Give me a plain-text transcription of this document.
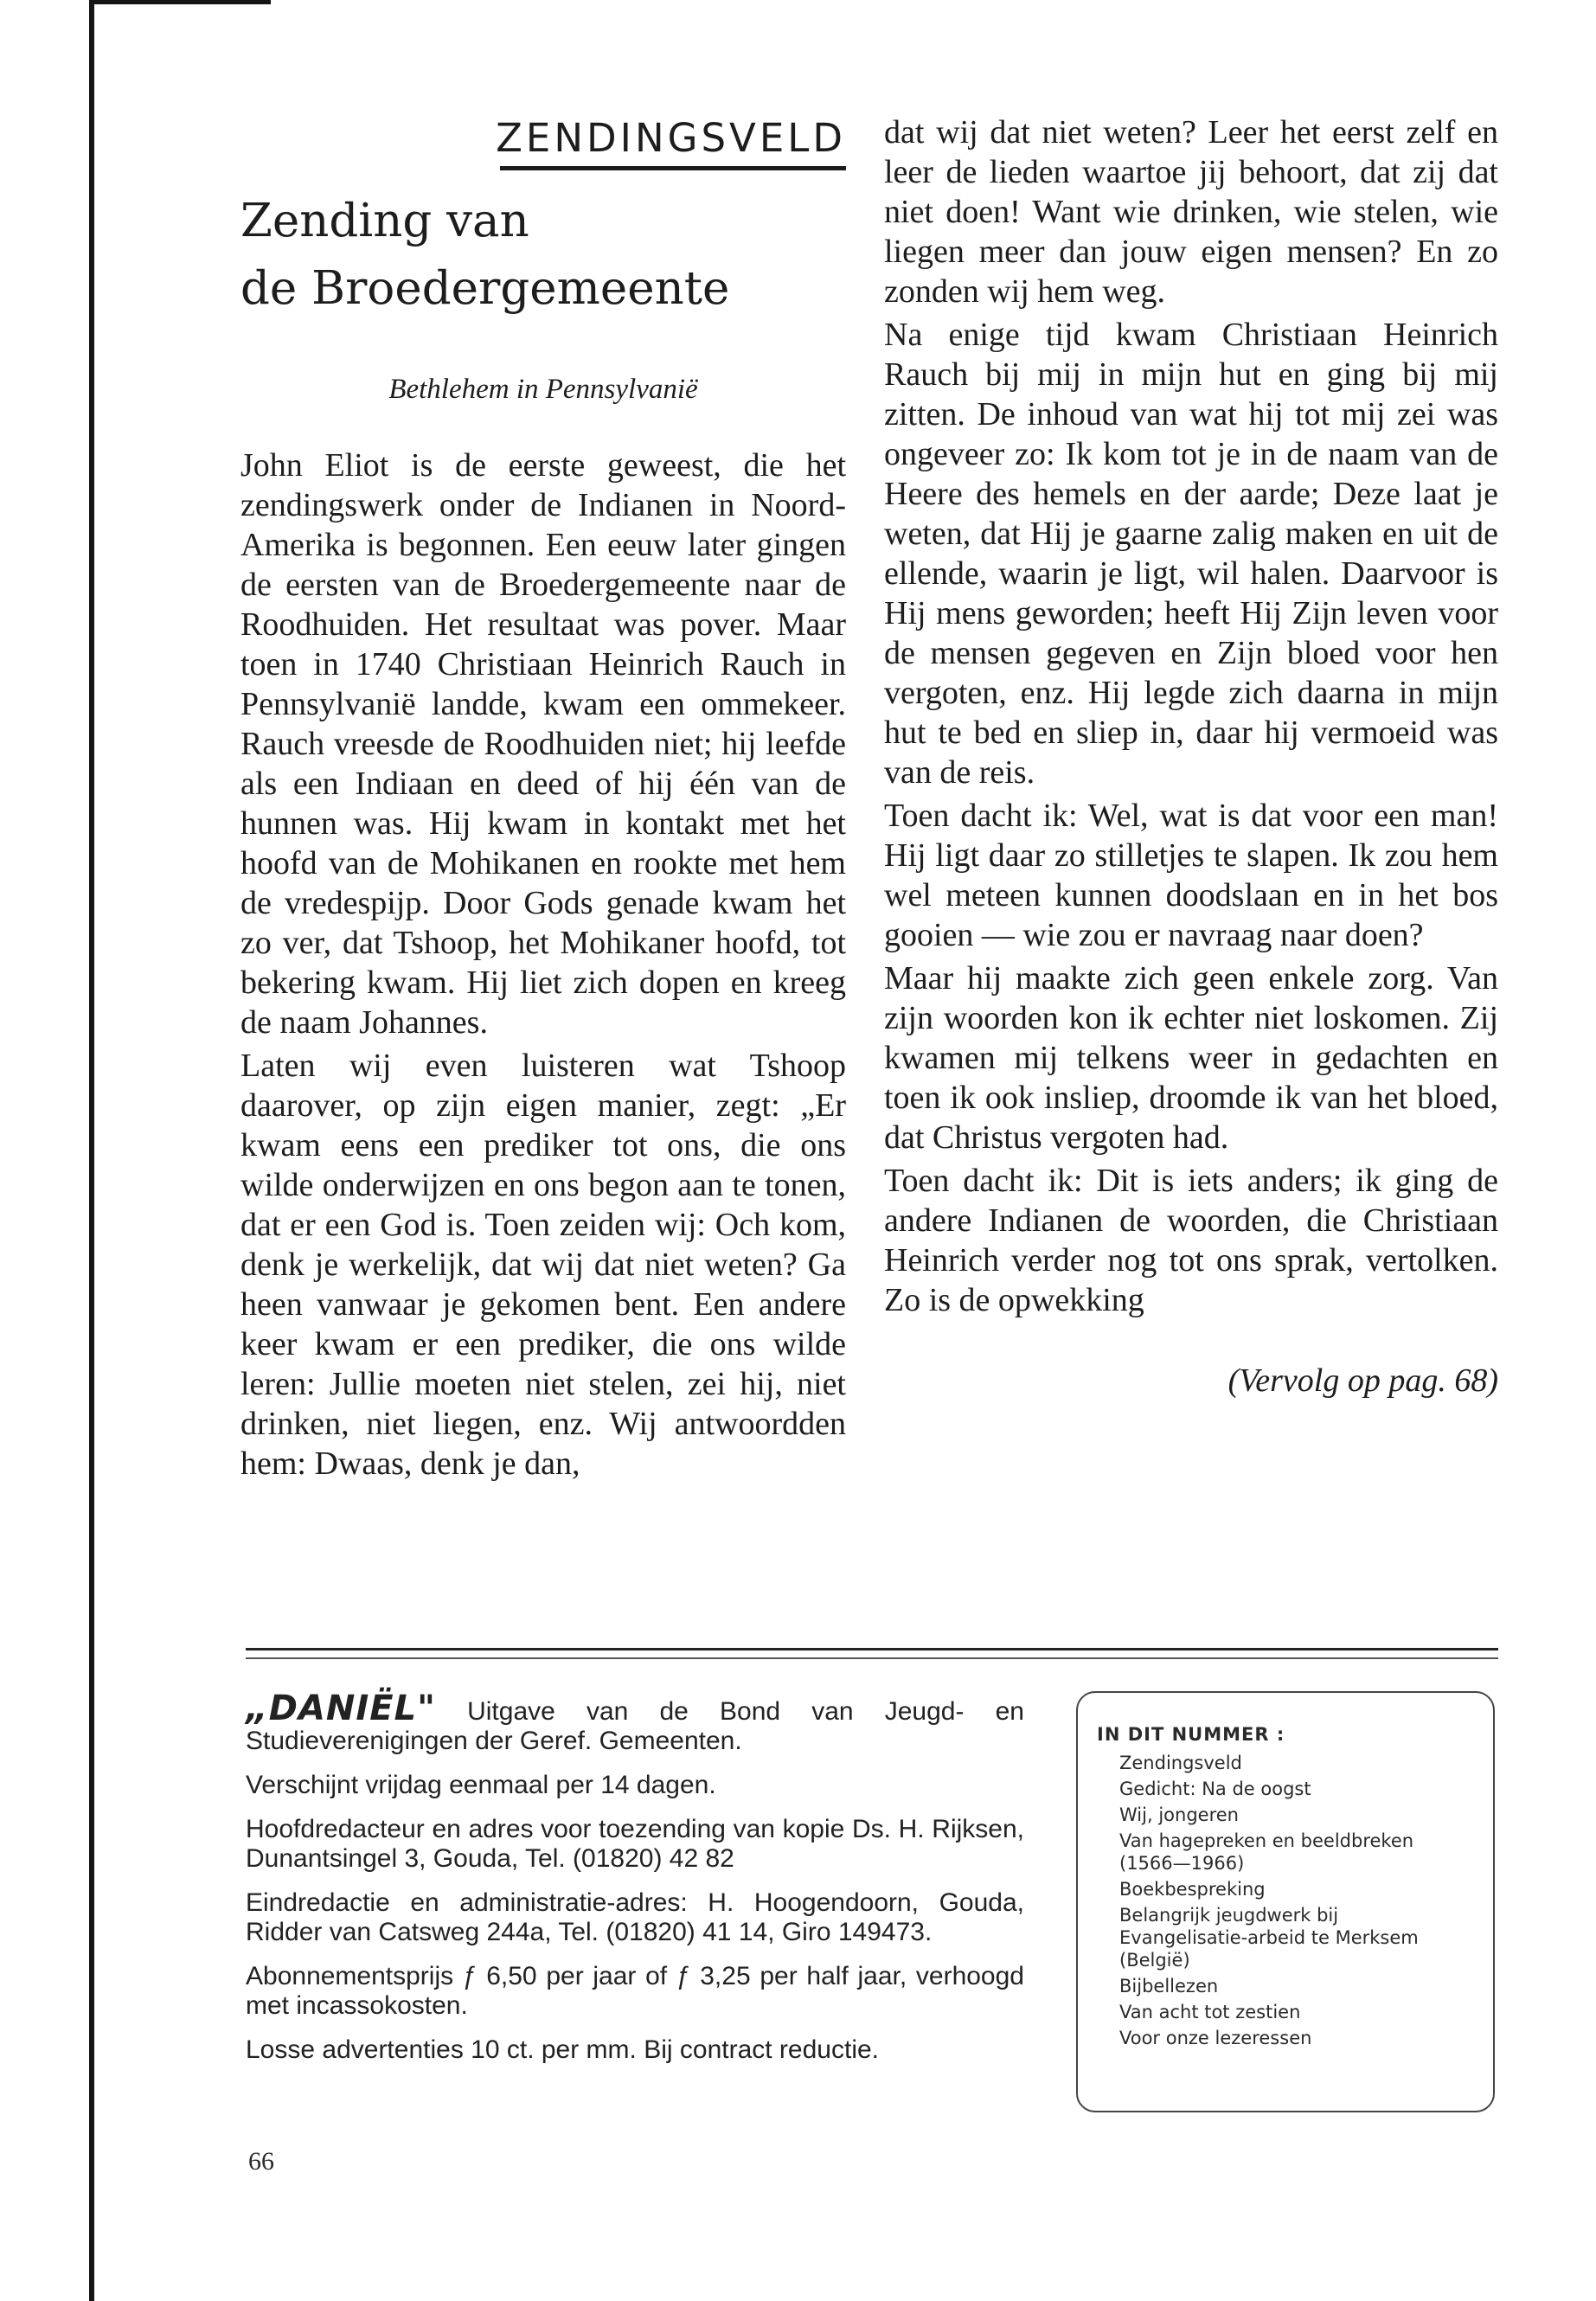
ZENDINGSVELD
Zending van
de Broedergemeente
Bethlehem in Pennsylvanië

John Eliot is de eerste geweest, die het zendingswerk onder de Indianen in Noord-Amerika is begonnen. Een eeuw later gingen de eersten van de Broedergemeente naar de Roodhuiden. Het resultaat was pover. Maar toen in 1740 Christiaan Heinrich Rauch in Pennsylvanië landde, kwam een ommekeer. Rauch vreesde de Roodhuiden niet; hij leefde als een Indiaan en deed of hij één van de hunnen was. Hij kwam in kontakt met het hoofd van de Mohikanen en rookte met hem de vredespijp. Door Gods genade kwam het zo ver, dat Tshoop, het Mohikaner hoofd, tot bekering kwam. Hij liet zich dopen en kreeg de naam Johannes.

Laten wij even luisteren wat Tshoop daarover, op zijn eigen manier, zegt: „Er kwam eens een prediker tot ons, die ons wilde onderwijzen en ons begon aan te tonen, dat er een God is. Toen zeiden wij: Och kom, denk je werkelijk, dat wij dat niet weten? Ga heen vanwaar je gekomen bent. Een andere keer kwam er een prediker, die ons wilde leren: Jullie moeten niet stelen, zei hij, niet drinken, niet liegen, enz. Wij antwoordden hem: Dwaas, denk je dan,

dat wij dat niet weten? Leer het eerst zelf en leer de lieden waartoe jij behoort, dat zij dat niet doen! Want wie drinken, wie stelen, wie liegen meer dan jouw eigen mensen? En zo zonden wij hem weg.

Na enige tijd kwam Christiaan Heinrich Rauch bij mij in mijn hut en ging bij mij zitten. De inhoud van wat hij tot mij zei was ongeveer zo: Ik kom tot je in de naam van de Heere des hemels en der aarde; Deze laat je weten, dat Hij je gaarne zalig maken en uit de ellende, waarin je ligt, wil halen. Daarvoor is Hij mens geworden; heeft Hij Zijn leven voor de mensen gegeven en Zijn bloed voor hen vergoten, enz. Hij legde zich daarna in mijn hut te bed en sliep in, daar hij vermoeid was van de reis.

Toen dacht ik: Wel, wat is dat voor een man! Hij ligt daar zo stilletjes te slapen. Ik zou hem wel meteen kunnen doodslaan en in het bos gooien — wie zou er navraag naar doen?

Maar hij maakte zich geen enkele zorg. Van zijn woorden kon ik echter niet loskomen. Zij kwamen mij telkens weer in gedachten en toen ik ook insliep, droomde ik van het bloed, dat Christus vergoten had.

Toen dacht ik: Dit is iets anders; ik ging de andere Indianen de woorden, die Christiaan Heinrich verder nog tot ons sprak, vertolken. Zo is de opwekking

(Vervolg op pag. 68)

„DANIËL" Uitgave van de Bond van Jeugd- en Studieverenigingen der Geref. Gemeenten.

Verschijnt vrijdag eenmaal per 14 dagen.

Hoofdredacteur en adres voor toezending van kopie Ds. H. Rijksen, Dunantsingel 3, Gouda, Tel. (01820) 42 82

Eindredactie en administratie-adres: H. Hoogendoorn, Gouda, Ridder van Catsweg 244a, Tel. (01820) 41 14, Giro 149473.

Abonnementsprijs ƒ 6,50 per jaar of ƒ 3,25 per half jaar, verhoogd met incassokosten.

Losse advertenties 10 ct. per mm. Bij contract reductie.

IN DIT NUMMER :
Zendingsveld
Gedicht: Na de oogst
Wij, jongeren
Van hagepreken en beeldbreken (1566—1966)
Boekbespreking
Belangrijk jeugdwerk bij Evangelisatie-arbeid te Merksem (België)
Bijbellezen
Van acht tot zestien
Voor onze lezeressen
66
